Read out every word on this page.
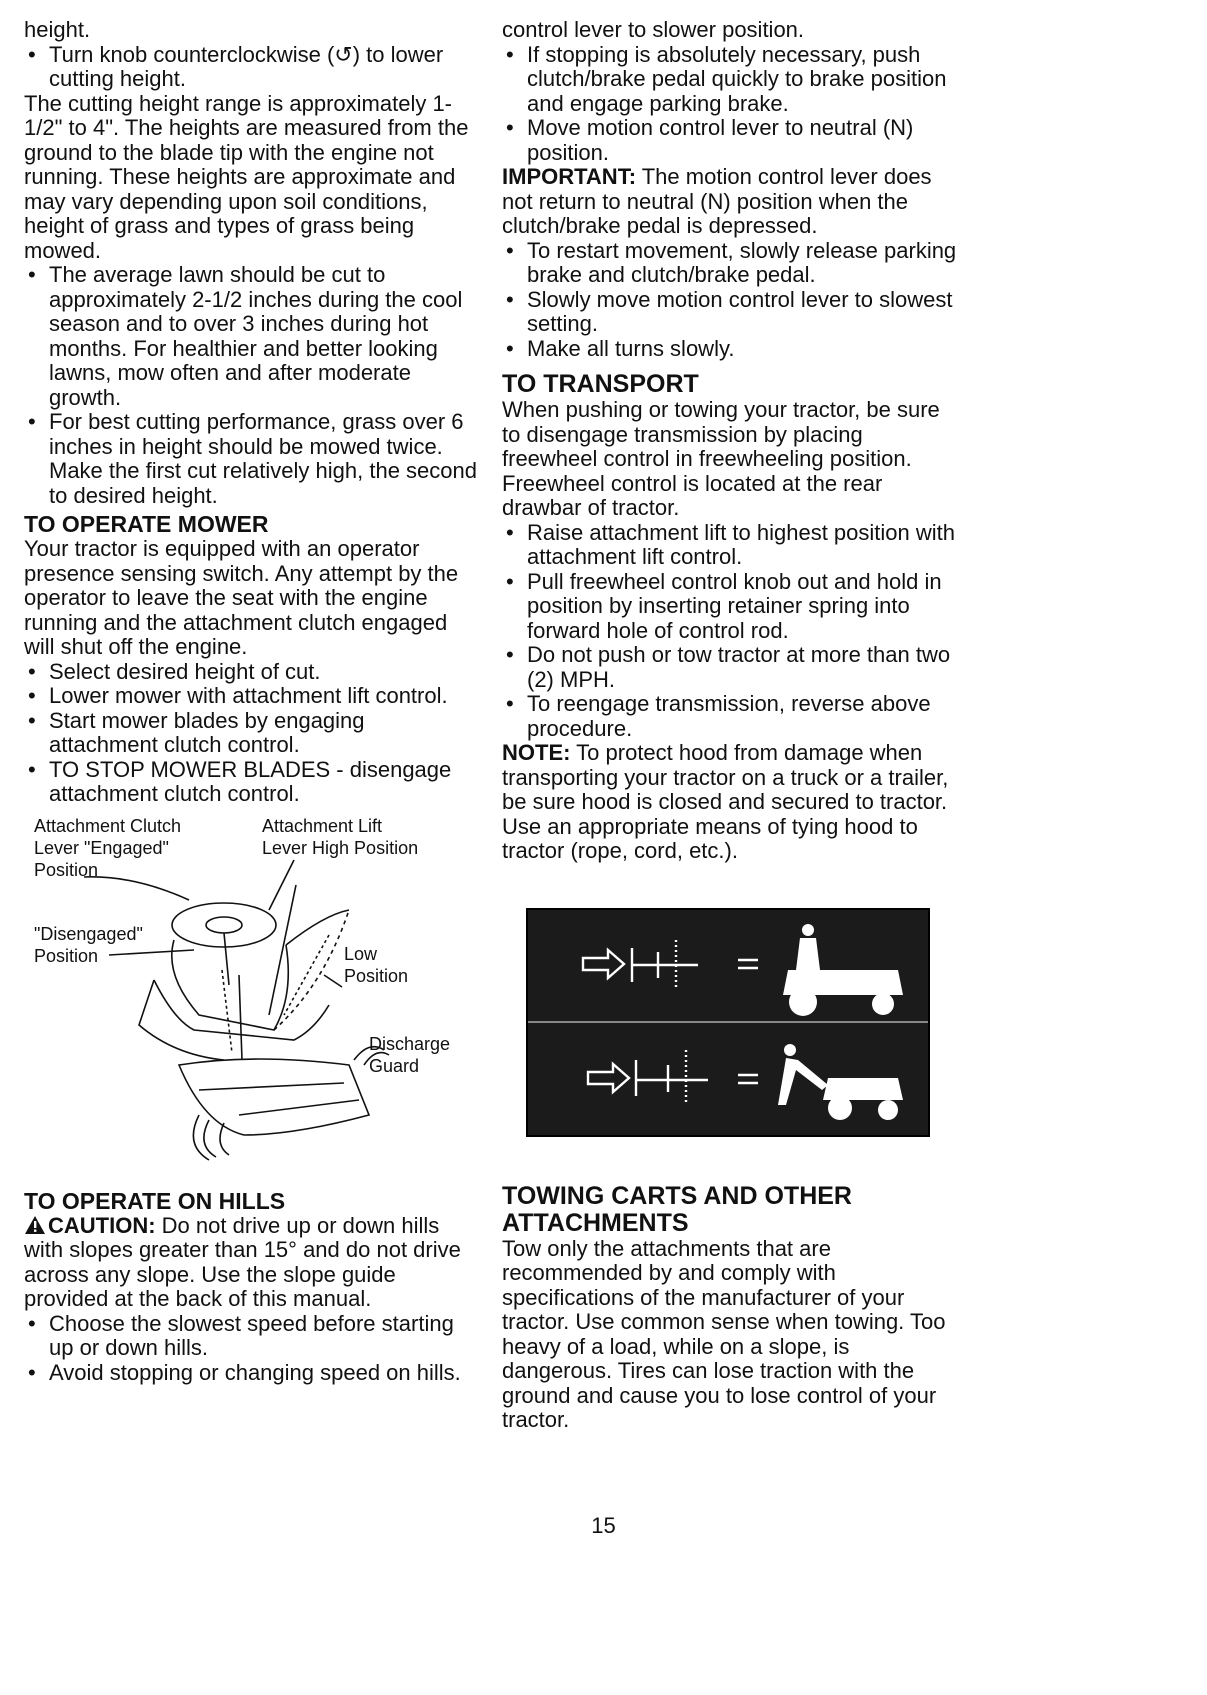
height.

• Turn knob counterclockwise (↺) to lower cutting height.

The cutting height range is approximately 1-1/2" to 4". The heights are measured from the ground to the blade tip with the engine not running. These heights are approximate and may vary depending upon soil conditions, height of grass and types of grass being mowed.

• The average lawn should be cut to approximately 2-1/2 inches during the cool season and to over 3 inches during hot months. For healthier and better looking lawns, mow often and after moderate growth.
• For best cutting performance, grass over 6 inches in height should be mowed twice. Make the first cut relatively high, the second to desired height.

TO OPERATE MOWER

Your tractor is equipped with an operator presence sensing switch. Any attempt by the operator to leave the seat with the engine running and the attachment clutch engaged will shut off the engine.

• Select desired height of cut.
• Lower mower with attachment lift control.
• Start mower blades by engaging attachment clutch control.
• TO STOP MOWER BLADES - disengage attachment clutch control.
Attachment Clutch
Lever "Engaged"
Position
Attachment Lift
Lever High Position
"Disengaged"
Position	Low
Position
Discharge
Guard

TO OPERATE ON HILLS

CAUTION: Do not drive up or down hills with slopes greater than 15° and do not drive across any slope. Use the slope guide provided at the back of this manual.

• Choose the slowest speed before starting up or down hills.
• Avoid stopping or changing speed on hills.

control lever to slower position.

• If stopping is absolutely necessary, push clutch/brake pedal quickly to brake position and engage parking brake.
• Move motion control lever to neutral (N) position.

IMPORTANT: The motion control lever does not return to neutral (N) position when the clutch/brake pedal is depressed.

• To restart movement, slowly release parking brake and clutch/brake pedal.
• Slowly move motion control lever to slowest setting.
• Make all turns slowly.

TO TRANSPORT

When pushing or towing your tractor, be sure to disengage transmission by placing freewheel control in freewheeling position. Freewheel control is located at the rear drawbar of tractor.

• Raise attachment lift to highest position with attachment lift control.
• Pull freewheel control knob out and hold in position by inserting retainer spring into forward hole of control rod.
• Do not push or tow tractor at more than two (2) MPH.
• To reengage transmission, reverse above procedure.

NOTE: To protect hood from damage when transporting your tractor on a truck or a trailer, be sure hood is closed and secured to tractor. Use an appropriate means of tying hood to tractor (rope, cord, etc.).

TOWING CARTS AND OTHER
ATTACHMENTS

Tow only the attachments that are recommended by and comply with specifications of the manufacturer of your tractor. Use common sense when towing. Too heavy of a load, while on a slope, is dangerous. Tires can lose traction with the ground and cause you to lose control of your tractor.

15
